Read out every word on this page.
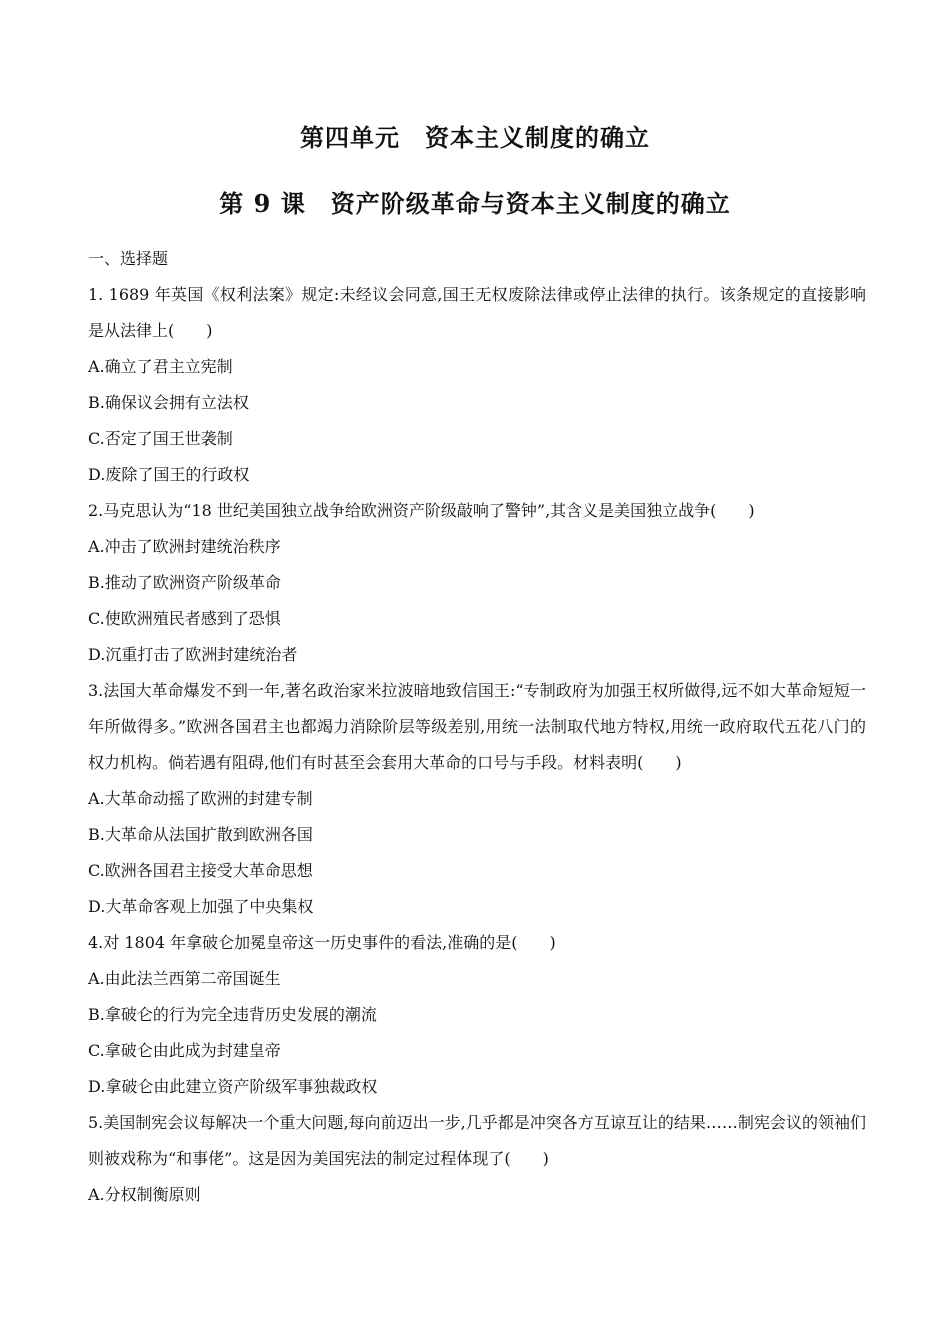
第四单元　资本主义制度的确立
第 9 课　资产阶级革命与资本主义制度的确立
一、选择题
1. 1689 年英国《权利法案》规定:未经议会同意,国王无权废除法律或停止法律的执行。该条规定的直接影响是从法律上(　　)
A.确立了君主立宪制
B.确保议会拥有立法权
C.否定了国王世袭制
D.废除了国王的行政权
2.马克思认为“18 世纪美国独立战争给欧洲资产阶级敲响了警钟”,其含义是美国独立战争(　　)
A.冲击了欧洲封建统治秩序
B.推动了欧洲资产阶级革命
C.使欧洲殖民者感到了恐惧
D.沉重打击了欧洲封建统治者
3.法国大革命爆发不到一年,著名政治家米拉波暗地致信国王:“专制政府为加强王权所做得,远不如大革命短短一年所做得多。”欧洲各国君主也都竭力消除阶层等级差别,用统一法制取代地方特权,用统一政府取代五花八门的权力机构。倘若遇有阻碍,他们有时甚至会套用大革命的口号与手段。材料表明(　　)
A.大革命动摇了欧洲的封建专制
B.大革命从法国扩散到欧洲各国
C.欧洲各国君主接受大革命思想
D.大革命客观上加强了中央集权
4.对 1804 年拿破仑加冕皇帝这一历史事件的看法,准确的是(　　)
A.由此法兰西第二帝国诞生
B.拿破仑的行为完全违背历史发展的潮流
C.拿破仑由此成为封建皇帝
D.拿破仑由此建立资产阶级军事独裁政权
5.美国制宪会议每解决一个重大问题,每向前迈出一步,几乎都是冲突各方互谅互让的结果……制宪会议的领袖们则被戏称为“和事佬”。这是因为美国宪法的制定过程体现了(　　)
A.分权制衡原则
